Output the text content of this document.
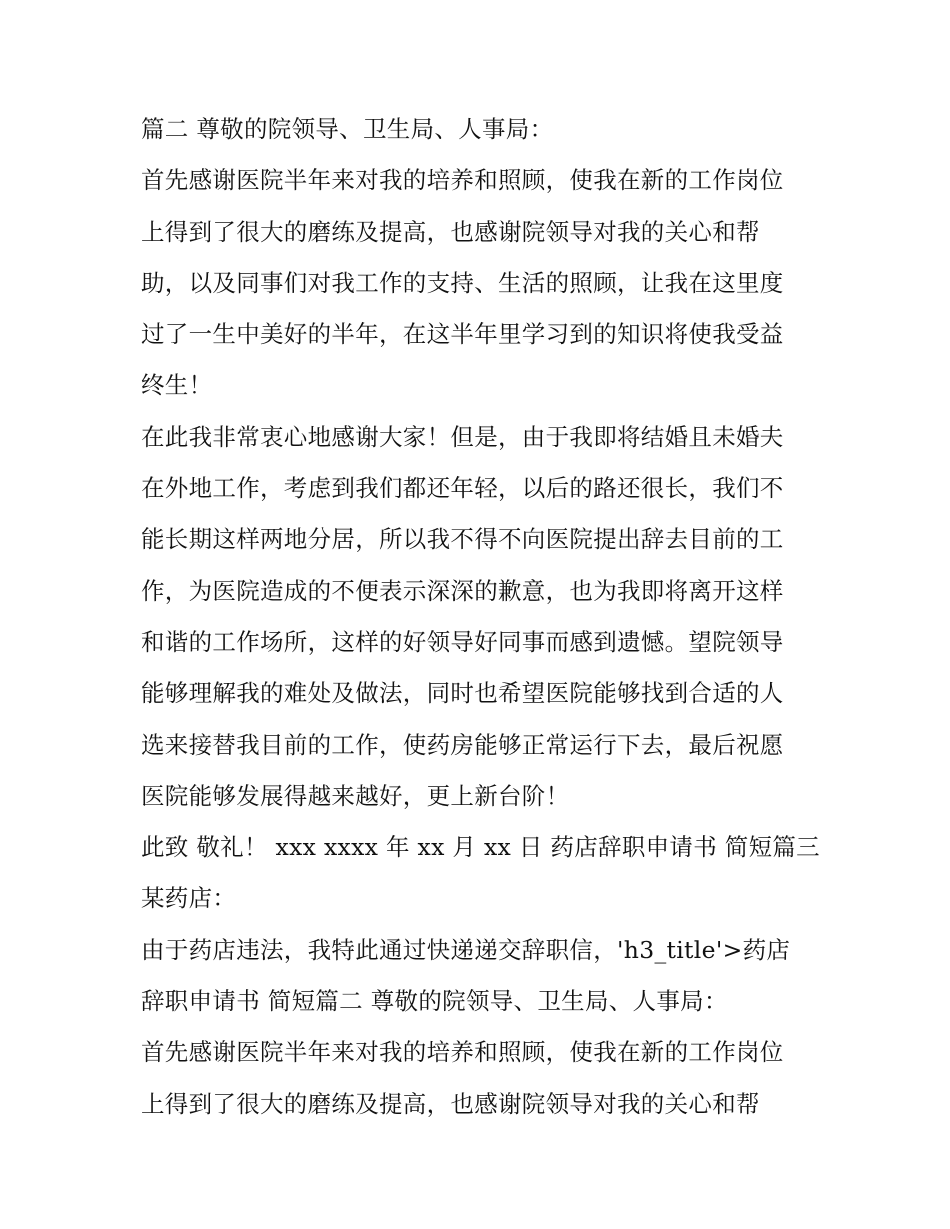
篇二 尊敬的院领导、卫生局、人事局：
首先感谢医院半年来对我的培养和照顾，使我在新的工作岗位
上得到了很大的磨练及提高，也感谢院领导对我的关心和帮
助，以及同事们对我工作的支持、生活的照顾，让我在这里度
过了一生中美好的半年，在这半年里学习到的知识将使我受益
终生！
在此我非常衷心地感谢大家！但是，由于我即将结婚且未婚夫
在外地工作，考虑到我们都还年轻，以后的路还很长，我们不
能长期这样两地分居，所以我不得不向医院提出辞去目前的工
作，为医院造成的不便表示深深的歉意，也为我即将离开这样
和谐的工作场所，这样的好领导好同事而感到遗憾。望院领导
能够理解我的难处及做法，同时也希望医院能够找到合适的人
选来接替我目前的工作，使药房能够正常运行下去，最后祝愿
医院能够发展得越来越好，更上新台阶！
此致 敬礼！ xxx xxxx 年 xx 月 xx 日 药店辞职申请书 简短篇三
某药店：
由于药店违法，我特此通过快递递交辞职信，'h3_title'>药店
辞职申请书 简短篇二 尊敬的院领导、卫生局、人事局：
首先感谢医院半年来对我的培养和照顾，使我在新的工作岗位
上得到了很大的磨练及提高，也感谢院领导对我的关心和帮
